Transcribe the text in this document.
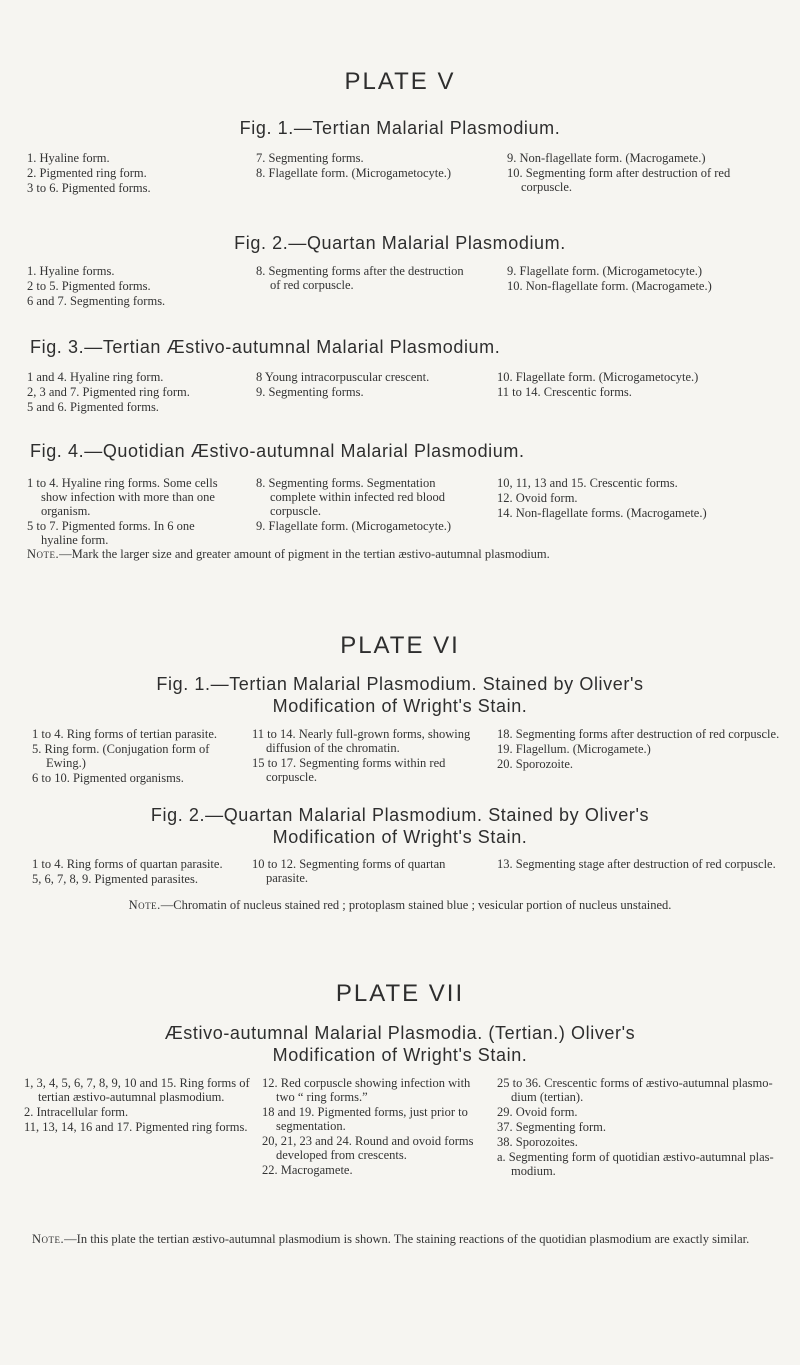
PLATE V
Fig. 1.—Tertian Malarial Plasmodium.
1. Hyaline form.
2. Pigmented ring form.
3 to 6. Pigmented forms.
7. Segmenting forms.
8. Flagellate form. (Microgametocyte.)
9. Non-flagellate form. (Macrogamete.)
10. Segmenting form after destruction of red corpuscle.
Fig. 2.—Quartan Malarial Plasmodium.
1. Hyaline forms.
2 to 5. Pigmented forms.
6 and 7. Segmenting forms.
8. Segmenting forms after the destruction of red corpuscle.
9. Flagellate form. (Microgametocyte.)
10. Non-flagellate form. (Macrogamete.)
Fig. 3.—Tertian Æstivo-autumnal Malarial Plasmodium.
1 and 4. Hyaline ring form.
2, 3 and 7. Pigmented ring form.
5 and 6. Pigmented forms.
8 Young intracorpuscular crescent.
9. Segmenting forms.
10. Flagellate form. (Microgametocyte.)
11 to 14. Crescentic forms.
Fig. 4.—Quotidian Æstivo-autumnal Malarial Plasmodium.
1 to 4. Hyaline ring forms. Some cells show infection with more than one organism.
5 to 7. Pigmented forms. In 6 one hyaline form.
8. Segmenting forms. Segmentation complete within infected red blood corpuscle.
9. Flagellate form. (Microgametocyte.)
10, 11, 13 and 15. Crescentic forms.
12. Ovoid form.
14. Non-flagellate forms. (Macrogamete.)
Note.—Mark the larger size and greater amount of pigment in the tertian æstivo-autumnal plasmodium.
PLATE VI
Fig. 1.—Tertian Malarial Plasmodium. Stained by Oliver's
Modification of Wright's Stain.
1 to 4. Ring forms of tertian parasite.
5. Ring form. (Conjugation form of Ewing.)
6 to 10. Pigmented organisms.
11 to 14. Nearly full-grown forms, showing diffusion of the chromatin.
15 to 17. Segmenting forms within red corpuscle.
18. Segmenting forms after destruction of red corpuscle.
19. Flagellum. (Microgamete.)
20. Sporozoite.
Fig. 2.—Quartan Malarial Plasmodium. Stained by Oliver's
Modification of Wright's Stain.
1 to 4. Ring forms of quartan parasite.
5, 6, 7, 8, 9. Pigmented parasites.
10 to 12. Segmenting forms of quartan parasite.
13. Segmenting stage after destruction of red corpuscle.
Note.—Chromatin of nucleus stained red ; protoplasm stained blue ; vesicular portion of nucleus unstained.
PLATE VII
Æstivo-autumnal Malarial Plasmodia. (Tertian.) Oliver's
Modification of Wright's Stain.
1, 3, 4, 5, 6, 7, 8, 9, 10 and 15. Ring forms of tertian æstivo-autumnal plasmodium.
2. Intracellular form.
11, 13, 14, 16 and 17. Pigmented ring forms.
12. Red corpuscle showing infection with two “ ring forms.”
18 and 19. Pigmented forms, just prior to segmentation.
20, 21, 23 and 24. Round and ovoid forms developed from crescents.
22. Macrogamete.
25 to 36. Crescentic forms of æstivo-autumnal plasmodium (tertian).
29. Ovoid form.
37. Segmenting form.
38. Sporozoites.
a. Segmenting form of quotidian æstivo-autumnal plasmodium.
Note.—In this plate the tertian æstivo-autumnal plasmodium is shown. The staining reactions of the quotidian plasmodium are exactly similar.
